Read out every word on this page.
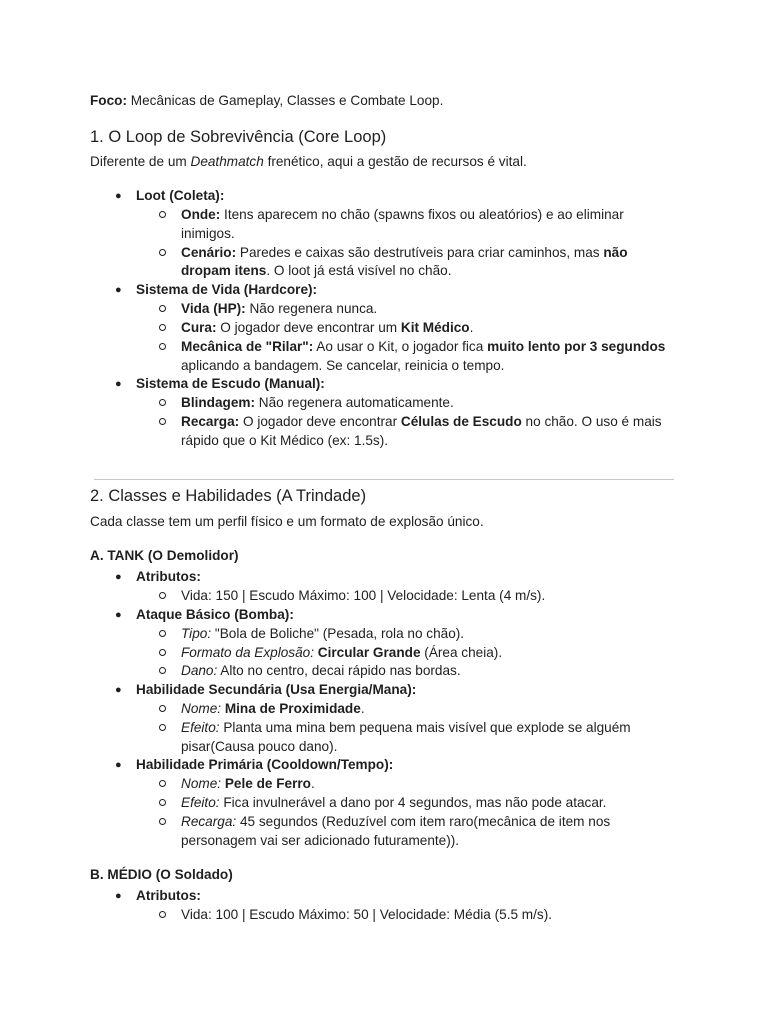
Foco: Mecânicas de Gameplay, Classes e Combate Loop.
1. O Loop de Sobrevivência (Core Loop)
Diferente de um Deathmatch frenético, aqui a gestão de recursos é vital.
● Loot (Coleta):
Onde: Itens aparecem no chão (spawns fixos ou aleatórios) e ao eliminar
inimigos.
Cenário: Paredes e caixas são destrutíveis para criar caminhos, mas não
dropam itens. O loot já está visível no chão.
● Sistema de Vida (Hardcore):
Vida (HP): Não regenera nunca.
Cura: O jogador deve encontrar um Kit Médico.
Mecânica de "Rilar": Ao usar o Kit, o jogador fica muito lento por 3 segundos
aplicando a bandagem. Se cancelar, reinicia o tempo.
● Sistema de Escudo (Manual):
Blindagem: Não regenera automaticamente.
Recarga: O jogador deve encontrar Células de Escudo no chão. O uso é mais
rápido que o Kit Médico (ex: 1.5s).
2. Classes e Habilidades (A Trindade)
Cada classe tem um perfil físico e um formato de explosão único.
A. TANK (O Demolidor)
● Atributos:
Vida: 150 | Escudo Máximo: 100 | Velocidade: Lenta (4 m/s).
● Ataque Básico (Bomba):
Tipo: "Bola de Boliche" (Pesada, rola no chão).
Formato da Explosão: Circular Grande (Área cheia).
Dano: Alto no centro, decai rápido nas bordas.
● Habilidade Secundária (Usa Energia/Mana):
Nome: Mina de Proximidade.
Efeito: Planta uma mina bem pequena mais visível que explode se alguém
pisar(Causa pouco dano).
● Habilidade Primária (Cooldown/Tempo):
Nome: Pele de Ferro.
Efeito: Fica invulnerável a dano por 4 segundos, mas não pode atacar.
Recarga: 45 segundos (Reduzível com item raro(mecânica de item nos
personagem vai ser adicionado futuramente)).
B. MÉDIO (O Soldado)
● Atributos:
Vida: 100 | Escudo Máximo: 50 | Velocidade: Média (5.5 m/s).
